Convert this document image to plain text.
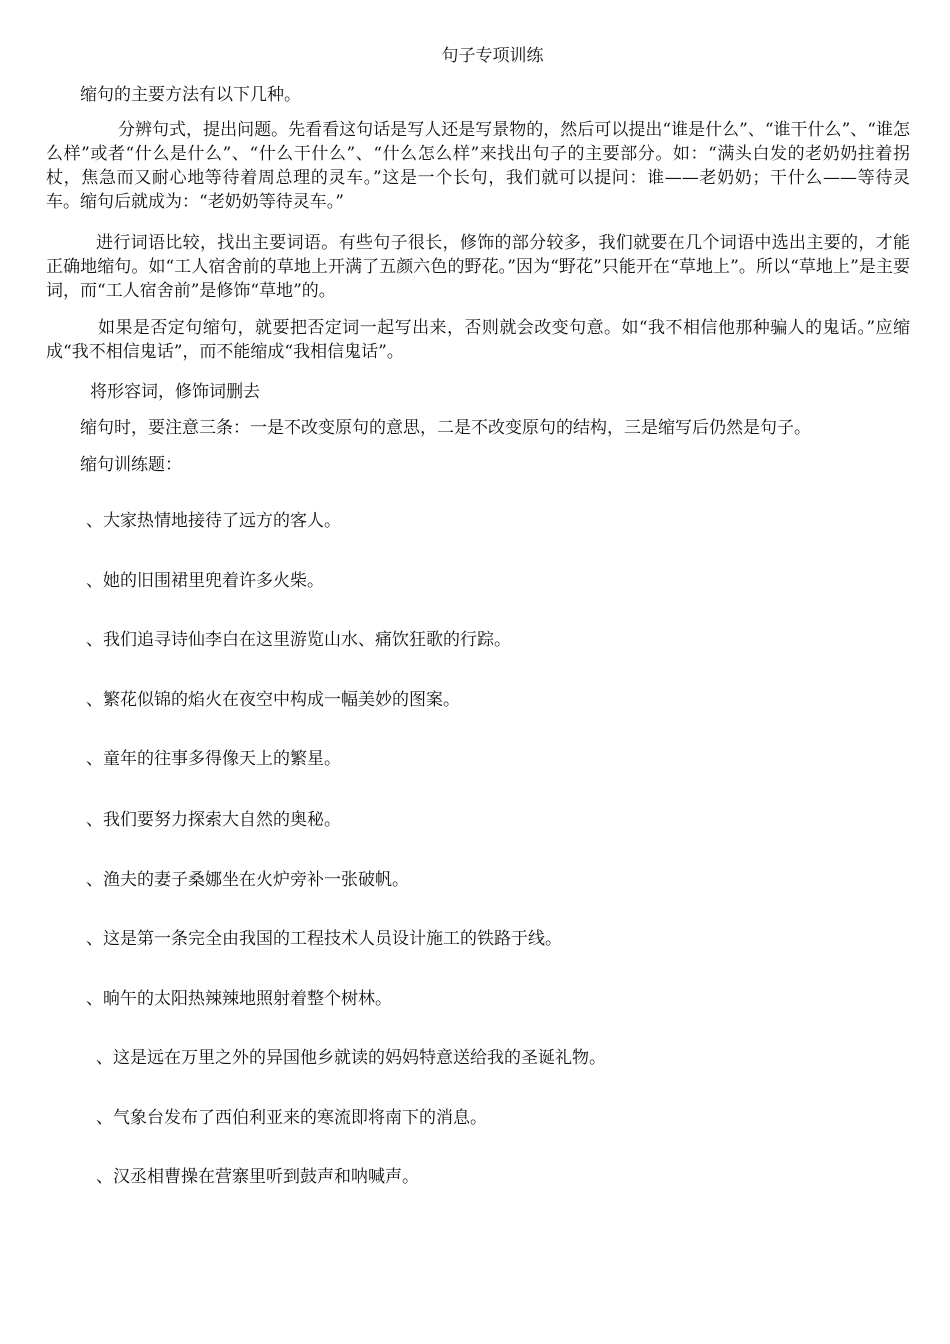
句子专项训练

缩句的主要方法有以下几种。

分辨句式，提出问题。先看看这句话是写人还是写景物的，然后可以提出“谁是什么”、“谁干什么”、“谁怎么样”或者“什么是什么”、“什么干什么”、“什么怎么样”来找出句子的主要部分。如：“满头白发的老奶奶拄着拐杖，焦急而又耐心地等待着周总理的灵车。”这是一个长句，我们就可以提问：谁——老奶奶；干什么——等待灵车。缩句后就成为：“老奶奶等待灵车。”

进行词语比较，找出主要词语。有些句子很长，修饰的部分较多，我们就要在几个词语中选出主要的，才能正确地缩句。如“工人宿舍前的草地上开满了五颜六色的野花。”因为“野花”只能开在“草地上”。所以“草地上”是主要词，而“工人宿舍前”是修饰“草地”的。

如果是否定句缩句，就要把否定词一起写出来，否则就会改变句意。如“我不相信他那种骗人的鬼话。”应缩成“我不相信鬼话”，而不能缩成“我相信鬼话”。

将形容词，修饰词删去

缩句时，要注意三条：一是不改变原句的意思，二是不改变原句的结构，三是缩写后仍然是句子。

缩句训练题：

、大家热情地接待了远方的客人。
、她的旧围裙里兜着许多火柴。
、我们追寻诗仙李白在这里游览山水、痛饮狂歌的行踪。
、繁花似锦的焰火在夜空中构成一幅美妙的图案。
、童年的往事多得像天上的繁星。
、我们要努力探索大自然的奥秘。
、渔夫的妻子桑娜坐在火炉旁补一张破帆。
、这是第一条完全由我国的工程技术人员设计施工的铁路于线。
、晌午的太阳热辣辣地照射着整个树林。
、这是远在万里之外的异国他乡就读的妈妈特意送给我的圣诞礼物。
、气象台发布了西伯利亚来的寒流即将南下的消息。
、汉丞相曹操在营寨里听到鼓声和呐喊声。
